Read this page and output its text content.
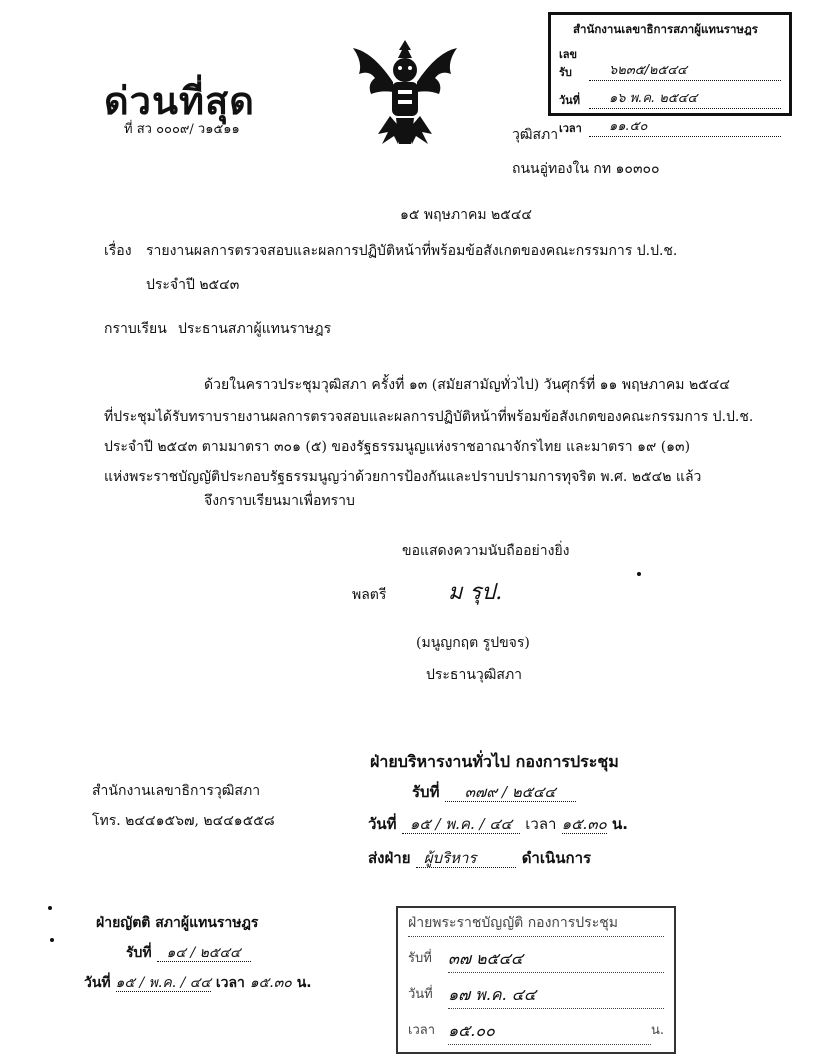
ด่วนที่สุด
ที่ สว ๐๐๐๙/ ว๑๕๑๑
สำนักงานเลขาธิการสภาผู้แทนราษฎร
เลขรับ	๖๒๓๕/๒๕๔๔
วันที่	๑๖ พ.ค. ๒๕๔๔
เวลา	๑๑.๕๐
วุฒิสภา
ถนนอู่ทองใน กท ๑๐๓๐๐
๑๕ พฤษภาคม ๒๕๔๔
เรื่อง รายงานผลการตรวจสอบและผลการปฏิบัติหน้าที่พร้อมข้อสังเกตของคณะกรรมการ ป.ป.ช.
ประจำปี ๒๕๔๓
กราบเรียน ประธานสภาผู้แทนราษฎร
ด้วยในคราวประชุมวุฒิสภา ครั้งที่ ๑๓ (สมัยสามัญทั่วไป) วันศุกร์ที่ ๑๑ พฤษภาคม ๒๕๔๔
ที่ประชุมได้รับทราบรายงานผลการตรวจสอบและผลการปฏิบัติหน้าที่พร้อมข้อสังเกตของคณะกรรมการ ป.ป.ช.
ประจำปี ๒๕๔๓ ตามมาตรา ๓๐๑ (๕) ของรัฐธรรมนูญแห่งราชอาณาจักรไทย และมาตรา ๑๙ (๑๓)
แห่งพระราชบัญญัติประกอบรัฐธรรมนูญว่าด้วยการป้องกันและปราบปรามการทุจริต พ.ศ. ๒๕๔๒ แล้ว
จึงกราบเรียนมาเพื่อทราบ
ขอแสดงความนับถืออย่างยิ่ง
พลตรี	ม รุป.
(มนูญกฤต รูปขจร)
ประธานวุฒิสภา
สำนักงานเลขาธิการวุฒิสภา
โทร. ๒๔๔๑๕๖๗, ๒๔๔๑๕๕๘
ฝ่ายบริหารงานทั่วไป กองการประชุม
รับที่ ๓๗๙ / ๒๕๔๔
วันที่ ๑๕ / พ.ค. / ๔๔ เวลา ๑๕.๓๐ น.
ส่งฝ่าย ผู้บริหาร	ดำเนินการ
ฝ่ายญัตติ สภาผู้แทนราษฎร
รับที่ ๑๔ / ๒๕๔๔
วันที่ ๑๕ / พ.ค. / ๔๔ เวลา ๑๕.๓๐ น.
ฝ่ายพระราชบัญญัติ กองการประชุม
รับที่	๓๗ ๒๕๔๔
วันที่ ๑๗ พ.ค. ๔๔
เวลา ๑๕.๐๐	น.
